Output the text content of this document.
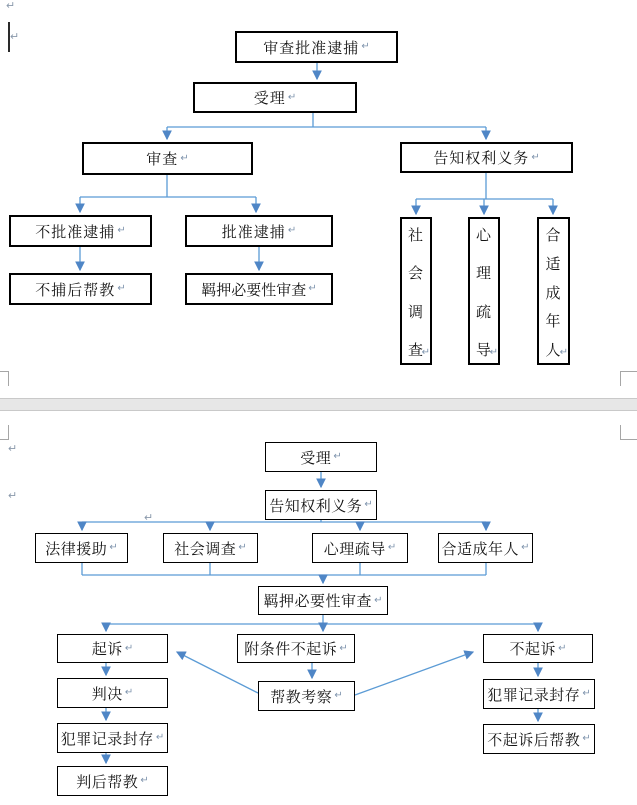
↵
↵
↵
↵
↵
审查批准逮捕 ↵
受理 ↵
审查 ↵	告知权利义务 ↵
不批准逮捕 ↵	批准逮捕 ↵
不捕后帮教 ↵	羁押必要性审查 ↵
社
会
调
查
↵
心
理
疏
导
↵
合
适
成
年
人
↵
受理 ↵
告知权利义务 ↵
法律援助 ↵	社会调查 ↵	心理疏导 ↵	合适成年人 ↵
羁押必要性审查 ↵
起诉 ↵	附条件不起诉 ↵	不起诉 ↵
判决 ↵	帮教考察 ↵	犯罪记录封存 ↵
犯罪记录封存 ↵	不起诉后帮教 ↵
判后帮教 ↵
